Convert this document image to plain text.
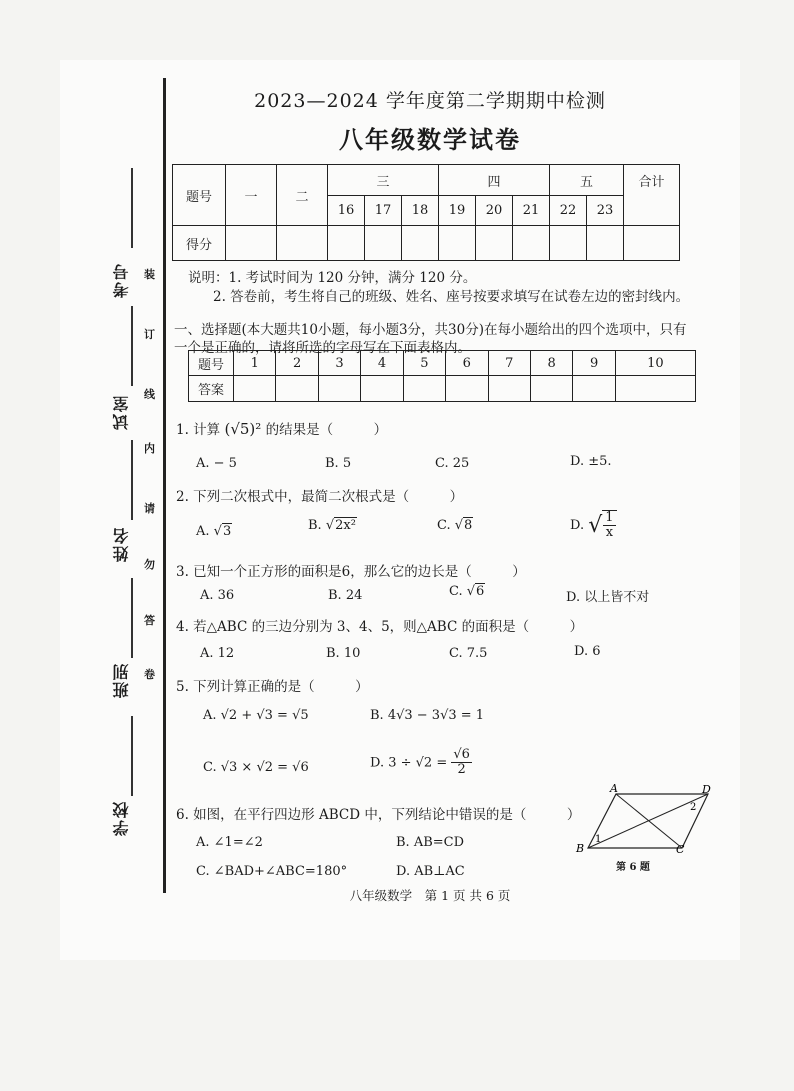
考号
试室
姓名
班别
学校
装
订
线
内
请
勿
答
卷
2023—2024 学年度第二学期期中检测
八年级数学试卷
题号	一	二	三			四			五		合计
			16	17	18	19	20	21	22	23	
得分											
说明：1. 考试时间为 120 分钟，满分 120 分。
2. 答卷前，考生将自己的班级、姓名、座号按要求填写在试卷左边的密封线内。
一、选择题(本大题共10小题，每小题3分，共30分)在每小题给出的四个选项中，只有
一个是正确的，请将所选的字母写在下面表格内。
题号	1	2	3	4	5	6	7	8	9	10
答案										
1. 计算 (√5)² 的结果是（　　　）
A. − 5	B. 5	C. 25	D. ±5.
2. 下列二次根式中，最简二次根式是（　　　）
A. √3	B. √2x²	C. √8	D. √ $\frac{1}{x}$
3. 已知一个正方形的面积是6，那么它的边长是（　　　）
A. 36	B. 24	C. √6	D. 以上皆不对
4. 若△ABC 的三边分别为 3、4、5，则△ABC 的面积是（　　　）
A. 12	B. 10	C. 7.5	D. 6
5. 下列计算正确的是（　　　）
A. √2 + √3 = √5	B. 4√3 − 3√3 = 1
C. √3 × √2 = √6	D. $3 \div √2 = \frac{√6}{2}$
6. 如图，在平行四边形 ABCD 中，下列结论中错误的是（　　　）
A. ∠1=∠2	B. AB=CD
C. ∠BAD+∠ABC=180°	D. AB⊥AC
A	D
B	C
1
2
第 6 题
八年级数学　第 1 页 共 6 页
